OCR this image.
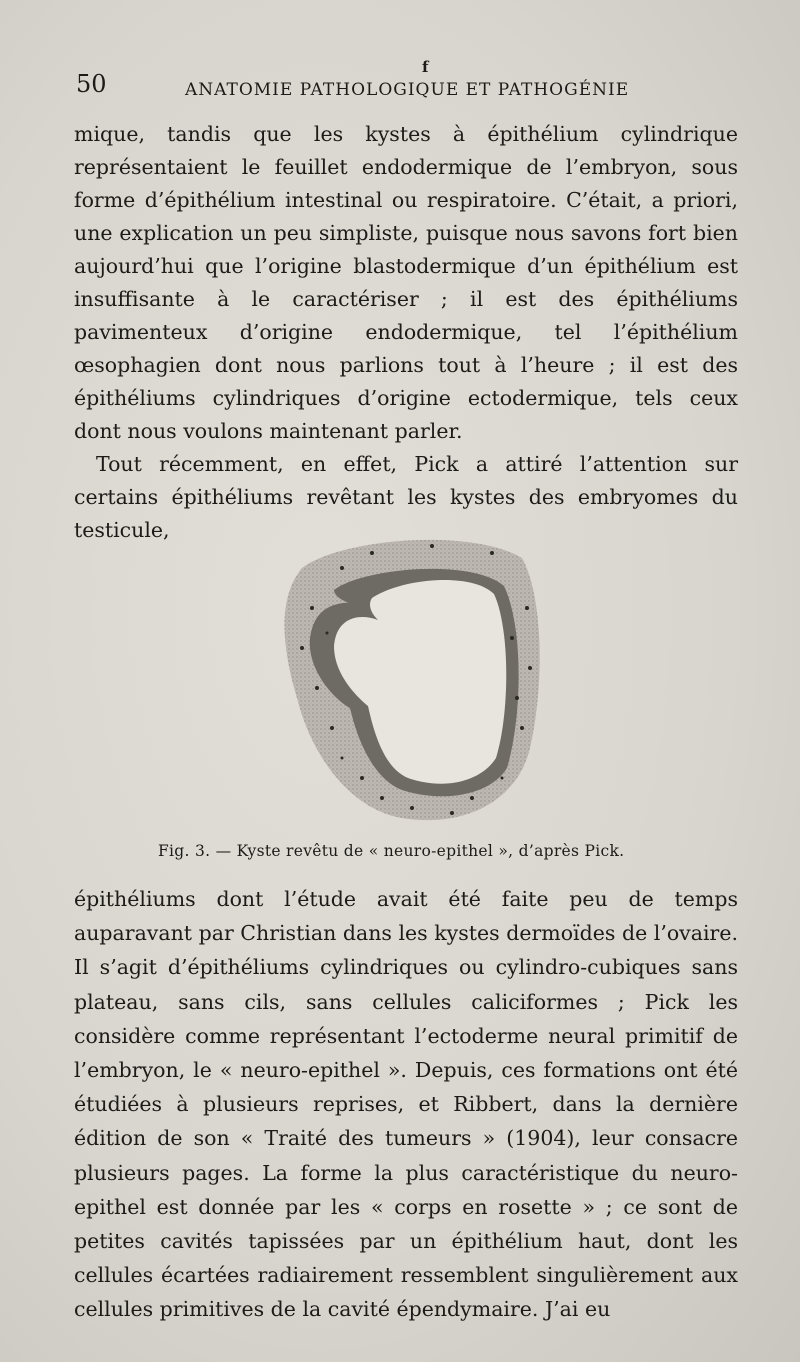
f
50	ANATOMIE PATHOLOGIQUE ET PATHOGÉNIE

mique, tandis que les kystes à épithélium cylindrique représentaient le feuillet endodermique de l’embryon, sous forme d’épithélium intestinal ou respiratoire. C’était, a priori, une explication un peu simpliste, puisque nous savons fort bien aujourd’hui que l’origine blastodermique d’un épithélium est insuffisante à le caractériser ; il est des épithéliums pavimenteux d’origine endodermique, tel l’épithélium œsophagien dont nous parlions tout à l’heure ; il est des épithéliums cylindriques d’origine ectodermique, tels ceux dont nous voulons maintenant parler.

Tout récemment, en effet, Pick a attiré l’attention sur certains épithéliums revêtant les kystes des embryomes du testicule,

Fig. 3. — Kyste revêtu de « neuro-epithel », d’après Pick.

épithéliums dont l’étude avait été faite peu de temps auparavant par Christian dans les kystes dermoïdes de l’ovaire. Il s’agit d’épithéliums cylindriques ou cylindro-cubiques sans plateau, sans cils, sans cellules caliciformes ; Pick les considère comme représentant l’ectoderme neural primitif de l’embryon, le « neuro-epithel ». Depuis, ces formations ont été étudiées à plusieurs reprises, et Ribbert, dans la dernière édition de son « Traité des tumeurs » (1904), leur consacre plusieurs pages. La forme la plus caractéristique du neuro-epithel est donnée par les « corps en rosette » ; ce sont de petites cavités tapissées par un épithélium haut, dont les cellules écartées radiairement ressemblent singulièrement aux cellules primitives de la cavité épendymaire. J’ai eu
